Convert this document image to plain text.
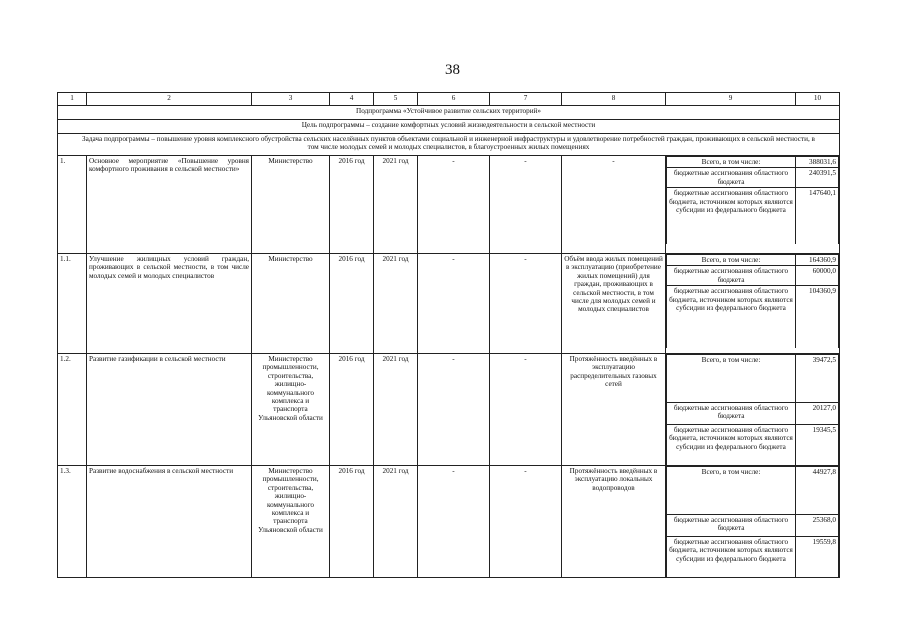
38
1	2	3	4	5	6	7	8	9	10
Подпрограмма «Устойчивое развитие сельских территорий»
Цель подпрограммы – создание комфортных условий жизнедеятельности в сельской местности
Задача подпрограммы – повышение уровня комплексного обустройства сельских населённых пунктов объектами социальной и инженерной инфраструктуры и удовлетворение потребностей граждан, проживающих в сельской местности, в том числе молодых семей и молодых специалистов, в благоустроенных жилых помещениях
1.	Основное мероприятие «Повышение уровня комфортного проживания в сельской местности»	Министерство	2016 год	2021 год	-	-	-		Всего, в том числе:	388031,6
бюджетные ассигнования областного бюджета	240391,5
бюджетные ассигнования областного бюджета, источником которых являются субсидии из федерального бюджета	147640,1

1.1.	Улучшение жилищных условий граждан, проживающих в сельской местности, в том числе молодых семей и молодых специалистов	Министерство	2016 год	2021 год	-	-	Объём ввода жилых помещений в эксплуатацию (приобретение жилых помещений) для граждан, проживающих в сельской местности, в том числе для молодых семей и молодых специалистов	
Всего, в том числе:	164360,9
бюджетные ассигнования областного бюджета	60000,0
бюджетные ассигнования областного бюджета, источником которых являются субсидии из федерального бюджета	104360,9

1.2.	Развитие газификации в сельской местности	Министерство промышленности, строительства, жилищно-коммунального комплекса и транспорта Ульяновской области	2016 год	2021 год	-	-	Протяжённость введённых в эксплуатацию распределительных газовых сетей	
Всего, в том числе:	39472,5
бюджетные ассигнования областного бюджета	20127,0
бюджетные ассигнования областного бюджета, источником которых являются субсидии из федерального бюджета	19345,5

1.3.	Развитие водоснабжения в сельской местности	Министерство промышленности, строительства, жилищно-коммунального комплекса и транспорта Ульяновской области	2016 год	2021 год	-	-	Протяжённость введённых в эксплуатацию локальных водопроводов	
Всего, в том числе:	44927,8
бюджетные ассигнования областного бюджета	25368,0
бюджетные ассигнования областного бюджета, источником которых являются субсидии из федерального бюджета	19559,8
